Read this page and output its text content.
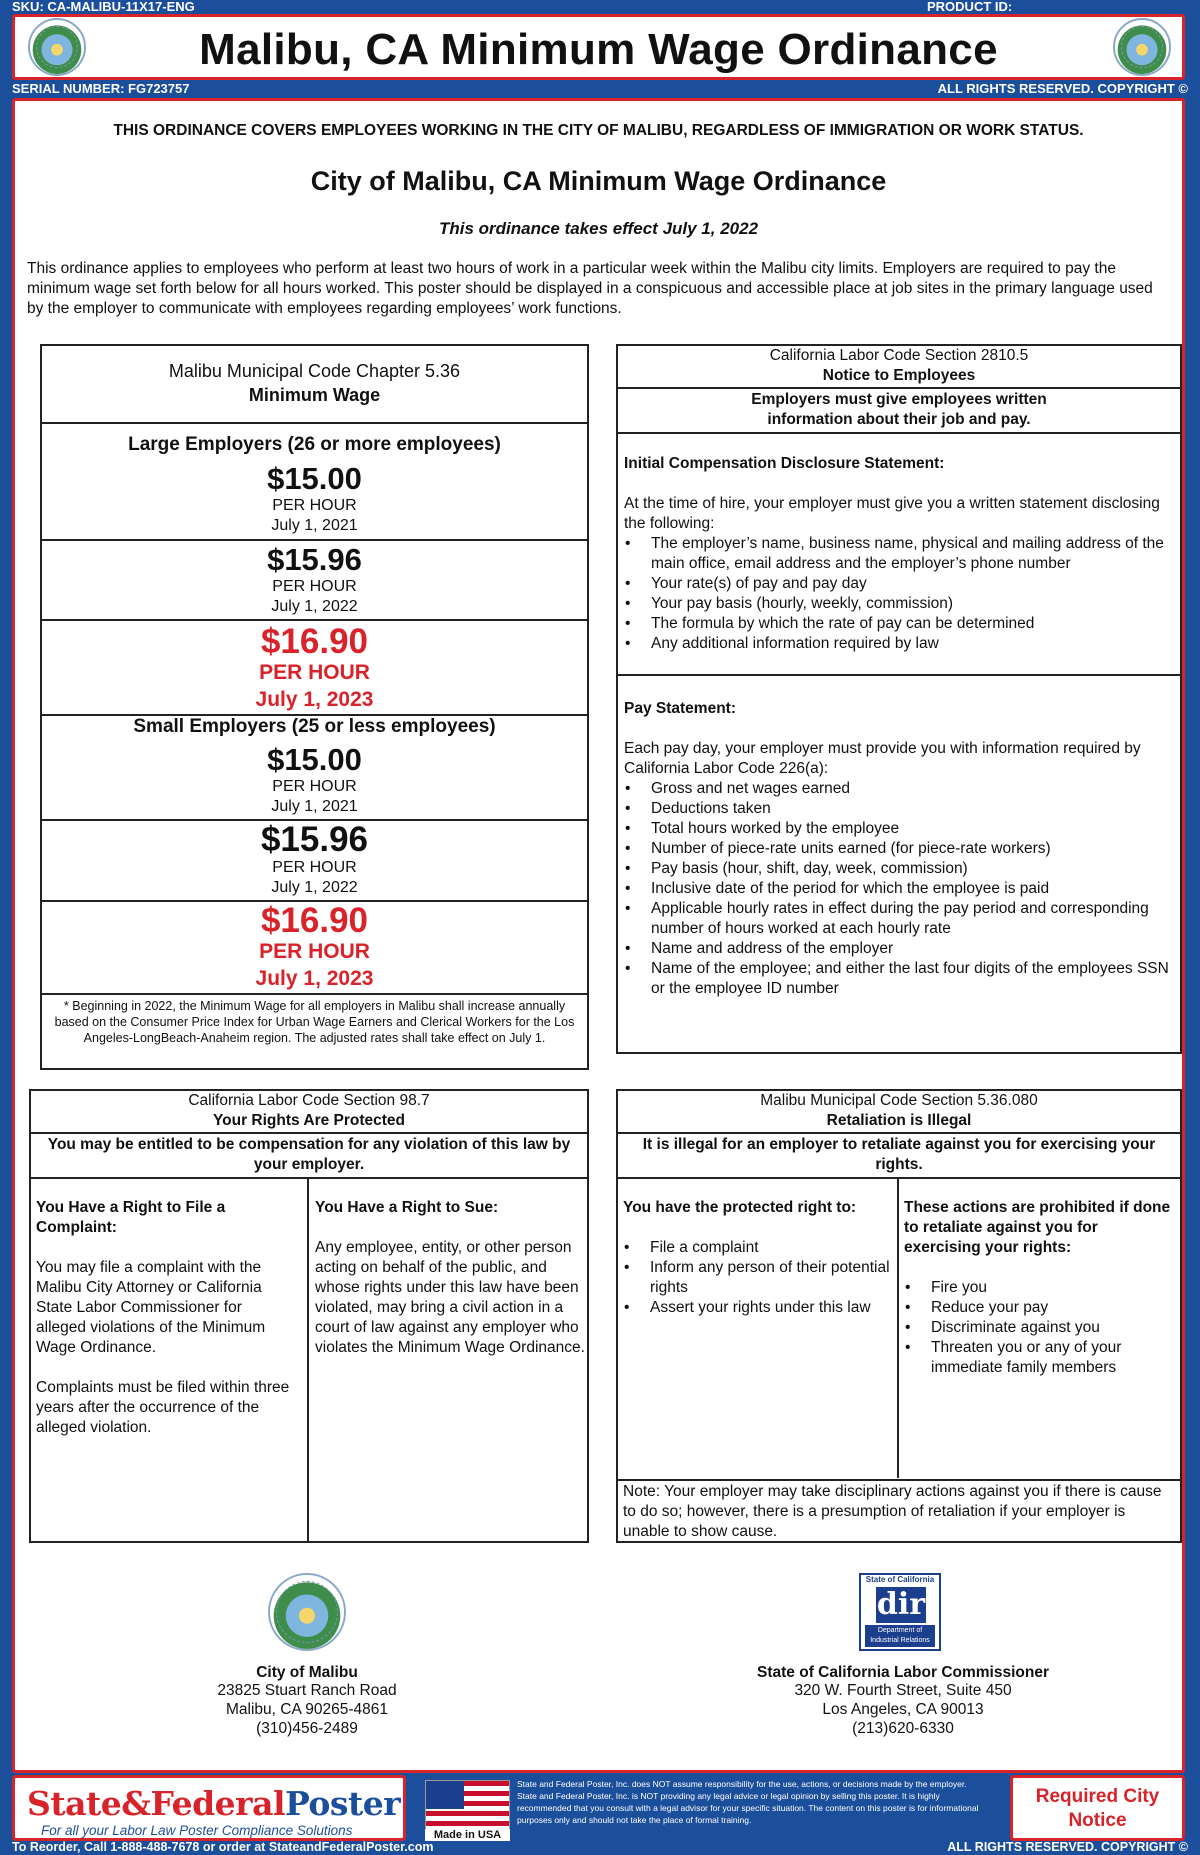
SKU: CA-MALIBU-11X17-ENG	PRODUCT ID:
Malibu, CA Minimum Wage Ordinance
SERIAL NUMBER: FG723757	ALL RIGHTS RESERVED. COPYRIGHT ©
THIS ORDINANCE COVERS EMPLOYEES WORKING IN THE CITY OF MALIBU, REGARDLESS OF IMMIGRATION OR WORK STATUS.
City of Malibu, CA Minimum Wage Ordinance
This ordinance takes effect July 1, 2022
This ordinance applies to employees who perform at least two hours of work in a particular week within the Malibu city limits. Employers are required to pay the minimum wage set forth below for all hours worked. This poster should be displayed in a conspicuous and accessible place at job sites in the primary language used by the employer to communicate with employees regarding employees’ work functions.
Malibu Municipal Code Chapter 5.36
Minimum Wage
Large Employers (26 or more employees)
$15.00
PER HOUR
July 1, 2021
$15.96
PER HOUR
July 1, 2022
$16.90
PER HOUR
July 1, 2023
Small Employers (25 or less employees)
$15.00
PER HOUR
July 1, 2021
$15.96
PER HOUR
July 1, 2022
$16.90
PER HOUR
July 1, 2023
* Beginning in 2022, the Minimum Wage for all employers in Malibu shall increase annually based on the Consumer Price Index for Urban Wage Earners and Clerical Workers for the Los Angeles-LongBeach-Anaheim region. The adjusted rates shall take effect on July 1.
California Labor Code Section 2810.5
Notice to Employees
Employers must give employees written information about their job and pay.
Initial Compensation Disclosure Statement:
At the time of hire, your employer must give you a written statement disclosing the following:
• The employer’s name, business name, physical and mailing address of the main office, email address and the employer’s phone number
• Your rate(s) of pay and pay day
• Your pay basis (hourly, weekly, commission)
• The formula by which the rate of pay can be determined
• Any additional information required by law
Pay Statement:
Each pay day, your employer must provide you with information required by California Labor Code 226(a):
• Gross and net wages earned
• Deductions taken
• Total hours worked by the employee
• Number of piece-rate units earned (for piece-rate workers)
• Pay basis (hour, shift, day, week, commission)
• Inclusive date of the period for which the employee is paid
• Applicable hourly rates in effect during the pay period and corresponding number of hours worked at each hourly rate
• Name and address of the employer
• Name of the employee; and either the last four digits of the employees SSN or the employee ID number
California Labor Code Section 98.7
Your Rights Are Protected
You may be entitled to be compensation for any violation of this law by your employer.
You Have a Right to File a Complaint:
You may file a complaint with the Malibu City Attorney or California State Labor Commissioner for alleged violations of the Minimum Wage Ordinance.
Complaints must be filed within three years after the occurrence of the alleged violation.
You Have a Right to Sue:
Any employee, entity, or other person acting on behalf of the public, and whose rights under this law have been violated, may bring a civil action in a court of law against any employer who violates the Minimum Wage Ordinance.
Malibu Municipal Code Section 5.36.080
Retaliation is Illegal
It is illegal for an employer to retaliate against you for exercising your rights.
You have the protected right to:
• File a complaint
• Inform any person of their potential rights
• Assert your rights under this law
These actions are prohibited if done to retaliate against you for exercising your rights:
• Fire you
• Reduce your pay
• Discriminate against you
• Threaten you or any of your immediate family members
Note: Your employer may take disciplinary actions against you if there is cause to do so; however, there is a presumption of retaliation if your employer is unable to show cause.
City of Malibu
23825 Stuart Ranch Road
Malibu, CA 90265-4861
(310)456-2489
State of California
dir
Department of Industrial Relations
State of California Labor Commissioner
320 W. Fourth Street, Suite 450
Los Angeles, CA 90013
(213)620-6330
State&FederalPoster
For all your Labor Law Poster Compliance Solutions	Made in USA
State and Federal Poster, Inc. does NOT assume responsibility for the use, actions, or decisions made by the employer. State and Federal Poster, Inc. is NOT providing any legal advice or legal opinion by selling this poster. It is highly recommended that you consult with a legal advisor for your specific situation. The content on this poster is for informational purposes only and should not take the place of formal training.
Required City Notice
To Reorder, Call 1-888-488-7678 or order at StateandFederalPoster.com	ALL RIGHTS RESERVED. COPYRIGHT ©
